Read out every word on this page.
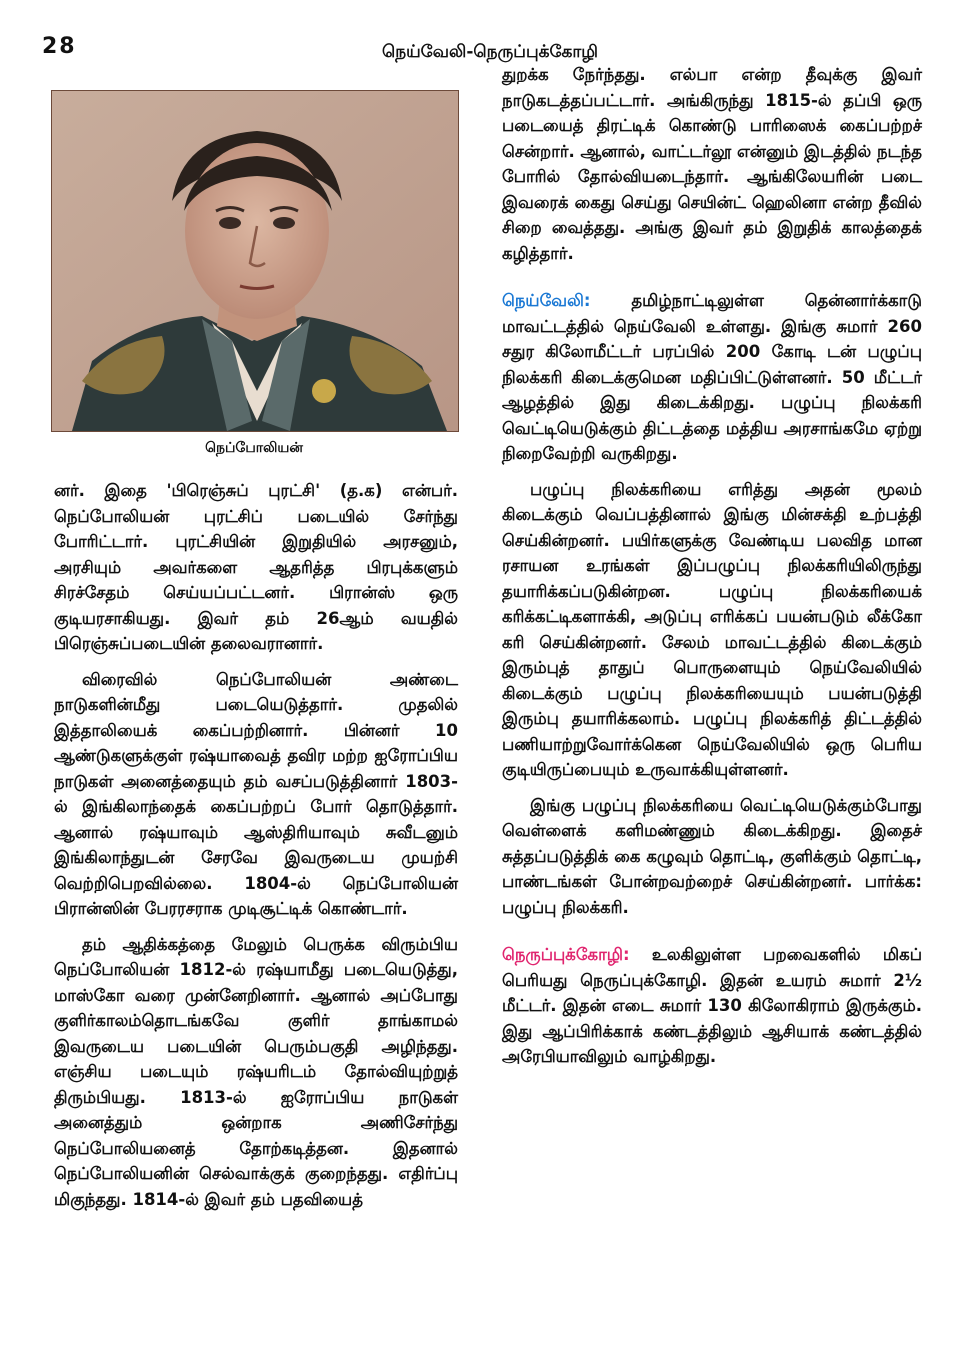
28	நெய்வேலி-நெருப்புக்கோழி
நெப்போலியன்

னர். இதை 'பிரெஞ்சுப் புரட்சி' (த.க) என்பர். நெப்போலியன் புரட்சிப் படையில் சேர்ந்து போரிட்டார். புரட்சியின் இறுதியில் அரசனும், அரசியும் அவர்களை ஆதரித்த பிரபுக்களும் சிரச்சேதம் செய்யப்பட்டனர். பிரான்ஸ் ஒரு குடியரசாகியது. இவர் தம் 26ஆம் வயதில் பிரெஞ்சுப்படையின் தலைவரானார்.

விரைவில் நெப்போலியன் அண்டை நாடுகளின்மீது படையெடுத்தார். முதலில் இத்தாலியைக் கைப்பற்றினார். பின்னர் 10 ஆண்டுகளுக்குள் ரஷ்யாவைத் தவிர மற்ற ஐரோப்பிய நாடுகள் அனைத்தையும் தம் வசப்படுத்தினார் 1803-ல் இங்கிலாந்தைக் கைப்பற்றப் போர் தொடுத்தார். ஆனால் ரஷ்யாவும் ஆஸ்திரியாவும் சுவீடனும் இங்கிலாந்துடன் சேரவே இவருடைய முயற்சி வெற்றிபெறவில்லை. 1804-ல் நெப்போலியன் பிரான்ஸின் பேரரசராக முடிசூட்டிக் கொண்டார்.

தம் ஆதிக்கத்தை மேலும் பெருக்க விரும்பிய நெப்போலியன் 1812-ல் ரஷ்யாமீது படையெடுத்து, மாஸ்கோ வரை முன்னேறினார். ஆனால் அப்போது குளிர்காலம்தொடங்கவே குளிர் தாங்காமல் இவருடைய படையின் பெரும்பகுதி அழிந்தது. எஞ்சிய படையும் ரஷ்யரிடம் தோல்வியுற்றுத் திரும்பியது. 1813-ல் ஐரோப்பிய நாடுகள் அனைத்தும் ஒன்றாக அணிசேர்ந்து நெப்போலியனைத் தோற்கடித்தன. இதனால் நெப்போலியனின் செல்வாக்குக் குறைந்தது. எதிர்ப்பு மிகுந்தது. 1814-ல் இவர் தம் பதவியைத்

துறக்க நேர்ந்தது. எல்பா என்ற தீவுக்கு இவர் நாடுகடத்தப்பட்டார். அங்கிருந்து 1815-ல் தப்பி ஒரு படையைத் திரட்டிக் கொண்டு பாரிஸைக் கைப்பற்றச் சென்றார். ஆனால், வாட்டர்லூ என்னும் இடத்தில் நடந்த போரில் தோல்வியடைந்தார். ஆங்கிலேயரின் படை இவரைக் கைது செய்து செயின்ட் ஹெலினா என்ற தீவில் சிறை வைத்தது. அங்கு இவர் தம் இறுதிக் காலத்தைக் கழித்தார்.

நெய்வேலி: தமிழ்நாட்டிலுள்ள தென்னார்க்காடு மாவட்டத்தில் நெய்வேலி உள்ளது. இங்கு சுமார் 260 சதுர கிலோமீட்டர் பரப்பில் 200 கோடி டன் பழுப்பு நிலக்கரி கிடைக்குமென மதிப்பிட்டுள்ளனர். 50 மீட்டர் ஆழத்தில் இது கிடைக்கிறது. பழுப்பு நிலக்கரி வெட்டியெடுக்கும் திட்டத்தை மத்திய அரசாங்கமே ஏற்று நிறைவேற்றி வருகிறது.

பழுப்பு நிலக்கரியை எரித்து அதன் மூலம் கிடைக்கும் வெப்பத்தினால் இங்கு மின்சக்தி உற்பத்தி செய்கின்றனர். பயிர்களுக்கு வேண்டிய பலவித மான ரசாயன உரங்கள் இப்பழுப்பு நிலக்கரியிலிருந்து தயாரிக்கப்படுகின்றன. பழுப்பு நிலக்கரியைக் கரிக்கட்டிகளாக்கி, அடுப்பு எரிக்கப் பயன்படும் லீக்கோ கரி செய்கின்றனர். சேலம் மாவட்டத்தில் கிடைக்கும் இரும்புத் தாதுப் பொருளையும் நெய்வேலியில் கிடைக்கும் பழுப்பு நிலக்கரியையும் பயன்படுத்தி இரும்பு தயாரிக்கலாம். பழுப்பு நிலக்கரித் திட்டத்தில் பணியாற்றுவோர்க்கென நெய்வேலியில் ஒரு பெரிய குடியிருப்பையும் உருவாக்கியுள்ளனர்.

இங்கு பழுப்பு நிலக்கரியை வெட்டியெடுக்கும்போது வெள்ளைக் களிமண்ணும் கிடைக்கிறது. இதைச் சுத்தப்படுத்திக் கை கழுவும் தொட்டி, குளிக்கும் தொட்டி, பாண்டங்கள் போன்றவற்றைச் செய்கின்றனர். பார்க்க: பழுப்பு நிலக்கரி.

நெருப்புக்கோழி: உலகிலுள்ள பறவைகளில் மிகப் பெரியது நெருப்புக்கோழி. இதன் உயரம் சுமார் 2½ மீட்டர். இதன் எடை சுமார் 130 கிலோகிராம் இருக்கும். இது ஆப்பிரிக்காக் கண்டத்திலும் ஆசியாக் கண்டத்தில் அரேபியாவிலும் வாழ்கிறது.
